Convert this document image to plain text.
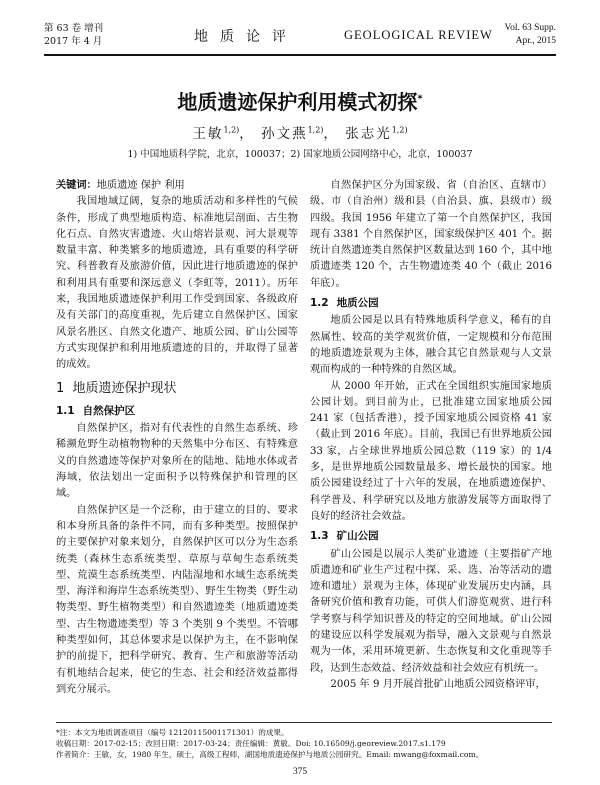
第 63 卷 增刊
2017 年 4 月	地质论评	GEOLOGICAL REVIEW Vol. 63 Supp.
Apr., 2015
地质遗迹保护利用模式初探*
王敏$^{1,2)}$， 孙文燕$^{1,2)}$， 张志光$^{1,2)}$
1) 中国地质科学院，北京，100037；2) 国家地质公园网络中心，北京，100037

关键词：地质遗迹 保护 利用

我国地域辽阔，复杂的地质活动和多样性的气候条件，形成了典型地质构造、标准地层剖面、古生物化石点、自然灾害遗迹、火山熔岩景观、河大景观等数量丰富、种类繁多的地质遗迹，具有重要的科学研究、科普教育及旅游价值，因此进行地质遗迹的保护和利用具有重要和深远意义（李虹等，2011）。历年来，我国地质遗迹保护利用工作受到国家、各级政府及有关部门的高度重视，先后建立自然保护区、国家风景名胜区、自然文化遗产、地质公园、矿山公园等方式实现保护和利用地质遗迹的目的，并取得了显著的成效。

1 地质遗迹保护现状
1.1 自然保护区

自然保护区，指对有代表性的自然生态系统、珍稀濒危野生动植物物种的天然集中分布区、有特殊意义的自然遗迹等保护对象所在的陆地、陆地水体或者海域，依法划出一定面积予以特殊保护和管理的区域。

自然保护区是一个泛称，由于建立的目的、要求和本身所具备的条件不同，而有多种类型。按照保护的主要保护对象来划分，自然保护区可以分为生态系统类（森林生态系统类型、草原与草甸生态系统类型、荒漠生态系统类型、内陆湿地和水域生态系统类型、海洋和海岸生态系统类型）、野生生物类（野生动物类型、野生植物类型）和自然遗迹类（地质遗迹类型、古生物遗迹类型）等 3 个类别 9 个类型。不管哪种类型如何，其总体要求是以保护为主，在不影响保护的前提下，把科学研究、教育、生产和旅游等活动有机地结合起来，使它的生态、社会和经济效益都得到充分展示。

自然保护区分为国家级、省（自治区、直辖市）级、市（自治州）级和县（自治县、旗、县级市）级四级。我国 1956 年建立了第一个自然保护区，我国现有 3381 个自然保护区，国家级保护区 401 个。据统计自然遗迹类自然保护区数量达到 160 个，其中地质遗迹类 120 个，古生物遗迹类 40 个（截止 2016 年底）。

1.2 地质公园

地质公园是以具有特殊地质科学意义，稀有的自然属性、较高的美学观赏价值，一定规模和分布范围的地质遗迹景观为主体，融合其它自然景观与人文景观而构成的一种特殊的自然区域。

从 2000 年开始，正式在全国组织实施国家地质公园计划。到目前为止，已批准建立国家地质公园 241 家（包括香港），授予国家地质公园资格 41 家（截止到 2016 年底）。目前，我国已有世界地质公园 33 家，占全球世界地质公园总数（119 家）的 1/4 多，是世界地质公园数量最多、增长最快的国家。地质公园建设经过了十六年的发展，在地质遗迹保护、科学普及、科学研究以及地方旅游发展等方面取得了良好的经济社会效益。

1.3 矿山公园

矿山公园是以展示人类矿业遗迹（主要指矿产地质遗迹和矿业生产过程中探、采、选、冶等活动的遗迹和遗址）景观为主体，体现矿业发展历史内涵，具备研究价值和教育功能，可供人们游览观赏、进行科学考察与科学知识普及的特定的空间地域。矿山公园的建设应以科学发展观为指导，融入文景观与自然景观为一体，采用环境更新、生态恢复和文化重现等手段，达到生态效益、经济效益和社会效应有机统一。

2005 年 9 月开展首批矿山地质公园资格评审，

*注：本文为地质调查项目（编号 12120115001171301）的成果。
收稿日期：2017-02-15；改回日期：2017-03-24；责任编辑：黄敏。Doi: 10.16509/j.georeview.2017.s1.179
作者简介：王敏，女，1980 年生，硕士，高级工程师，湖国地质遗迹保护与地质公园研究。Email: mwang@foxmail.com。
375
